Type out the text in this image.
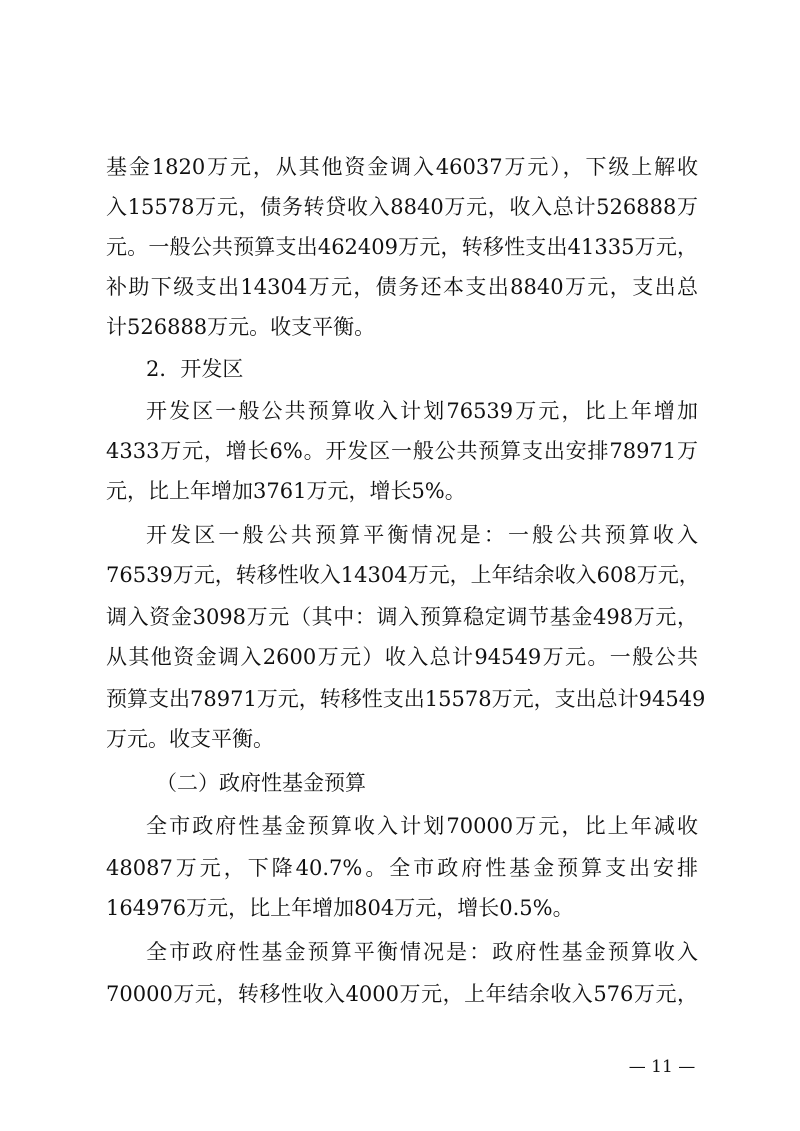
基金1820万元，从其他资金调入46037万元），下级上解收
入15578万元，债务转贷收入8840万元，收入总计526888万
元。一般公共预算支出462409万元，转移性支出41335万元，
补助下级支出14304万元，债务还本支出8840万元，支出总
计526888万元。收支平衡。
2．开发区
开发区一般公共预算收入计划76539万元，比上年增加
4333万元，增长6%。开发区一般公共预算支出安排78971万
元，比上年增加3761万元，增长5%。
开发区一般公共预算平衡情况是：一般公共预算收入
76539万元，转移性收入14304万元，上年结余收入608万元，
调入资金3098万元（其中：调入预算稳定调节基金498万元，
从其他资金调入2600万元）收入总计94549万元。一般公共
预算支出78971万元，转移性支出15578万元，支出总计94549
万元。收支平衡。
（二）政府性基金预算
全市政府性基金预算收入计划70000万元，比上年减收
48087万元，下降40.7%。全市政府性基金预算支出安排
164976万元，比上年增加804万元，增长0.5%。
全市政府性基金预算平衡情况是：政府性基金预算收入
70000万元，转移性收入4000万元，上年结余收入576万元，
— 11 —
